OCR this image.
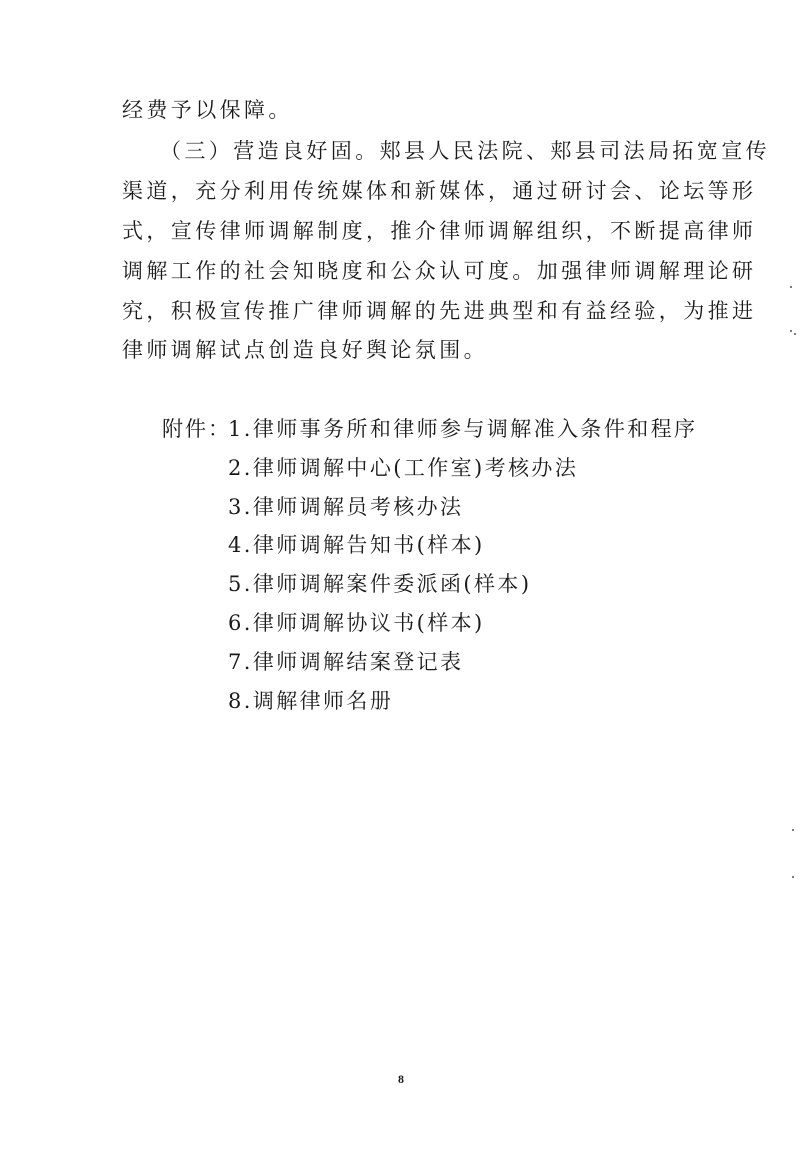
经费予以保障。
（三）营造良好固。郏县人民法院、郏县司法局拓宽宣传
渠道，充分利用传统媒体和新媒体，通过研讨会、论坛等形
式，宣传律师调解制度，推介律师调解组织，不断提高律师
调解工作的社会知晓度和公众认可度。加强律师调解理论研
究，积极宣传推广律师调解的先进典型和有益经验，为推进
律师调解试点创造良好舆论氛围。
附件：
1.律师事务所和律师参与调解准入条件和程序
2.律师调解中心(工作室)考核办法
3.律师调解员考核办法
4.律师调解告知书(样本)
5.律师调解案件委派函(样本)
6.律师调解协议书(样本)
7.律师调解结案登记表
8.调解律师名册
8
